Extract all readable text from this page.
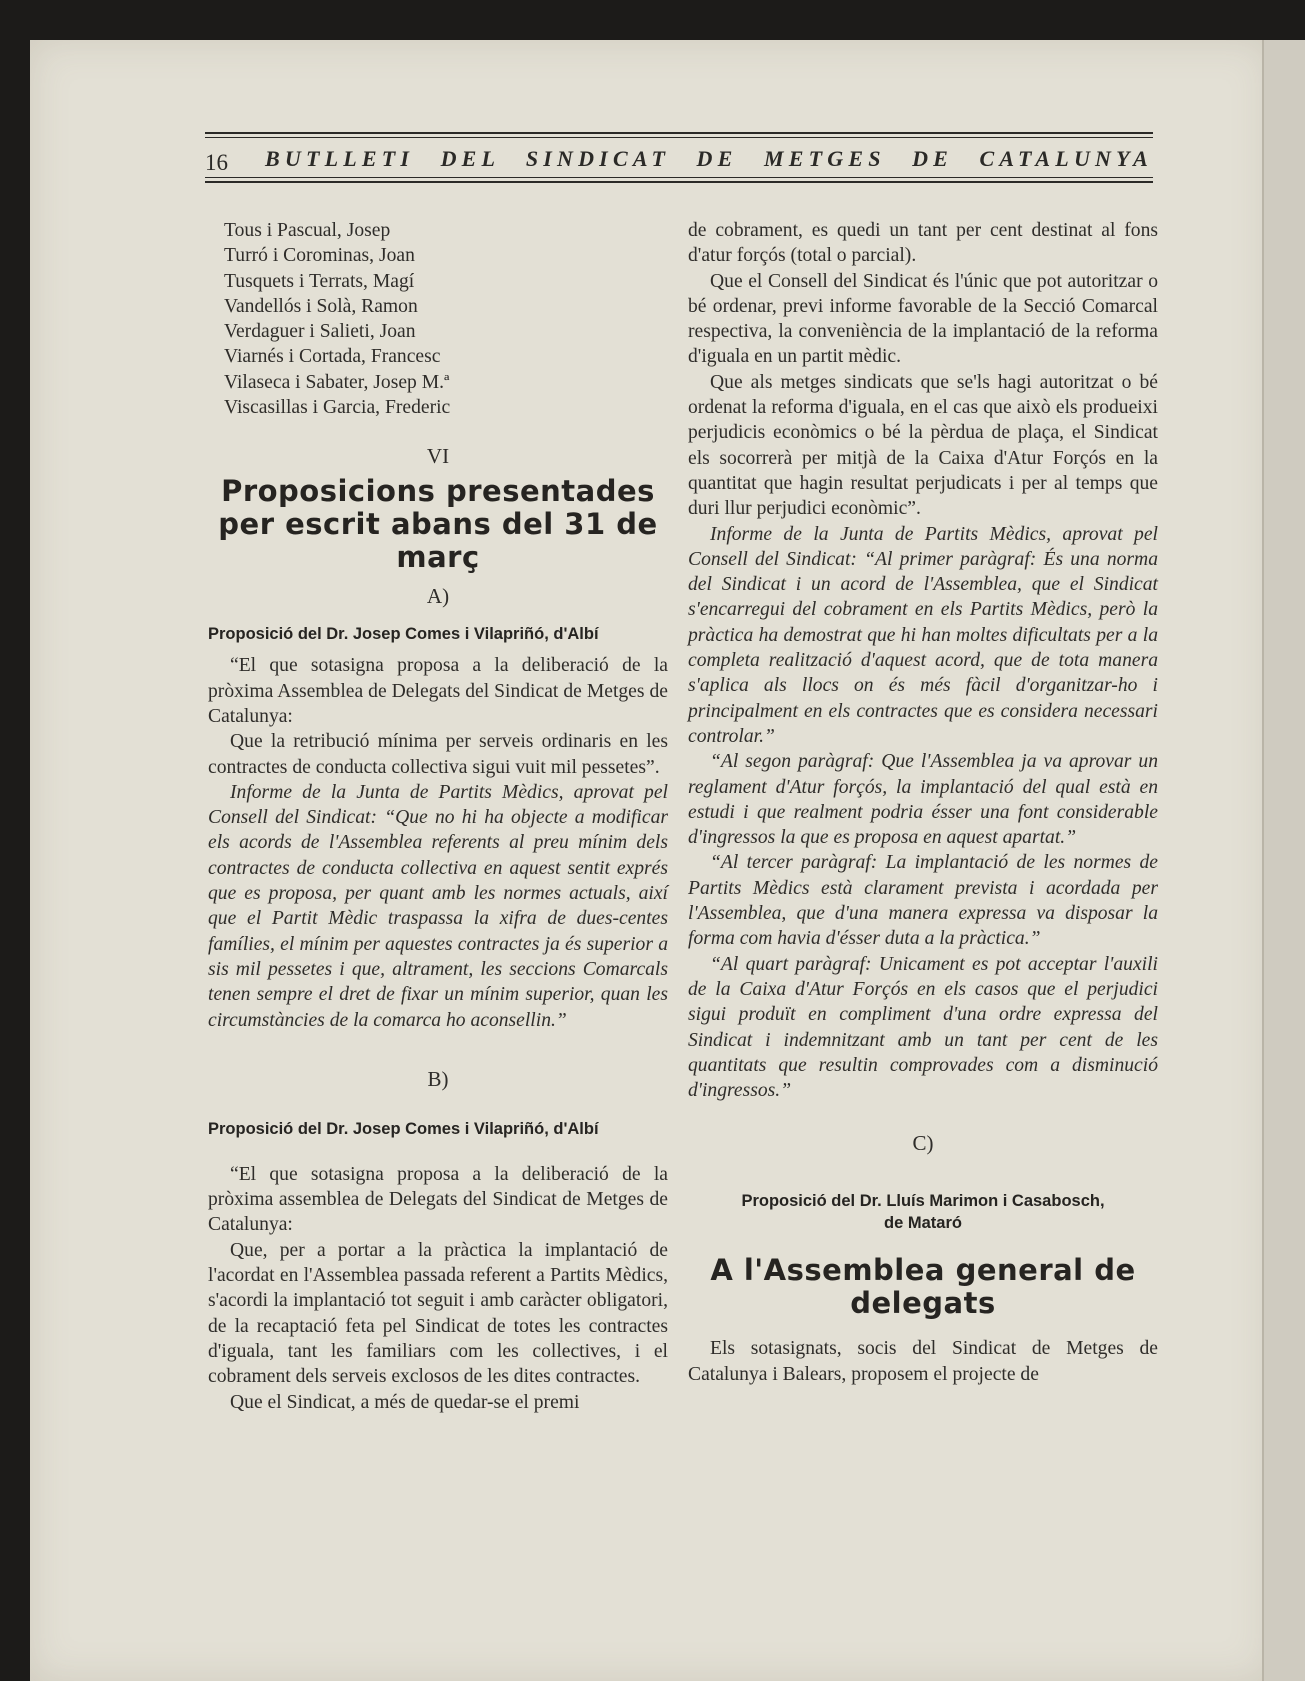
16 BUTLLETI DEL SINDICAT DE METGES DE CATALUNYA

Tous i Pascual, Josep

Turró i Corominas, Joan

Tusquets i Terrats, Magí

Vandellós i Solà, Ramon

Verdaguer i Salieti, Joan

Viarnés i Cortada, Francesc

Vilaseca i Sabater, Josep M.ª

Viscasillas i Garcia, Frederic

VI

Proposicions presentades per escrit abans del 31 de març

A)

Proposició del Dr. Josep Comes i Vilapriñó, d'Albí

“El que sotasigna proposa a la deliberació de la pròxima Assemblea de Delegats del Sindicat de Metges de Catalunya:

Que la retribució mínima per serveis ordinaris en les contractes de conducta collectiva sigui vuit mil pessetes”.

Informe de la Junta de Partits Mèdics, aprovat pel Consell del Sindicat: “Que no hi ha objecte a modificar els acords de l'Assemblea referents al preu mínim dels contractes de conducta collectiva en aquest sentit exprés que es proposa, per quant amb les normes actuals, així que el Partit Mèdic traspassa la xifra de dues-centes famílies, el mínim per aquestes contractes ja és superior a sis mil pessetes i que, altrament, les seccions Comarcals tenen sempre el dret de fixar un mínim superior, quan les circumstàncies de la comarca ho aconsellin.”

B)

Proposició del Dr. Josep Comes i Vilapriñó, d'Albí

“El que sotasigna proposa a la deliberació de la pròxima assemblea de Delegats del Sindicat de Metges de Catalunya:

Que, per a portar a la pràctica la implantació de l'acordat en l'Assemblea passada referent a Partits Mèdics, s'acordi la implantació tot seguit i amb caràcter obligatori, de la recaptació feta pel Sindicat de totes les contractes d'iguala, tant les familiars com les collectives, i el cobrament dels serveis exclosos de les dites contractes.

Que el Sindicat, a més de quedar-se el premi

de cobrament, es quedi un tant per cent destinat al fons d'atur forçós (total o parcial).

Que el Consell del Sindicat és l'únic que pot autoritzar o bé ordenar, previ informe favorable de la Secció Comarcal respectiva, la conveniència de la implantació de la reforma d'iguala en un partit mèdic.

Que als metges sindicats que se'ls hagi autoritzat o bé ordenat la reforma d'iguala, en el cas que això els produeixi perjudicis econòmics o bé la pèrdua de plaça, el Sindicat els socorrerà per mitjà de la Caixa d'Atur Forçós en la quantitat que hagin resultat perjudicats i per al temps que duri llur perjudici econòmic”.

Informe de la Junta de Partits Mèdics, aprovat pel Consell del Sindicat: “Al primer paràgraf: És una norma del Sindicat i un acord de l'Assemblea, que el Sindicat s'encarregui del cobrament en els Partits Mèdics, però la pràctica ha demostrat que hi han moltes dificultats per a la completa realització d'aquest acord, que de tota manera s'aplica als llocs on és més fàcil d'organitzar-ho i principalment en els contractes que es considera necessari controlar.”

“Al segon paràgraf: Que l'Assemblea ja va aprovar un reglament d'Atur forçós, la implantació del qual està en estudi i que realment podria ésser una font considerable d'ingressos la que es proposa en aquest apartat.”

“Al tercer paràgraf: La implantació de les normes de Partits Mèdics està clarament prevista i acordada per l'Assemblea, que d'una manera expressa va disposar la forma com havia d'ésser duta a la pràctica.”

“Al quart paràgraf: Unicament es pot acceptar l'auxili de la Caixa d'Atur Forçós en els casos que el perjudici sigui produït en compliment d'una ordre expressa del Sindicat i indemnitzant amb un tant per cent de les quantitats que resultin comprovades com a disminució d'ingressos.”

C)

Proposició del Dr. Lluís Marimon i Casabosch,

de Mataró

A l'Assemblea general de delegats

Els sotasignats, socis del Sindicat de Metges de Catalunya i Balears, proposem el projecte de
